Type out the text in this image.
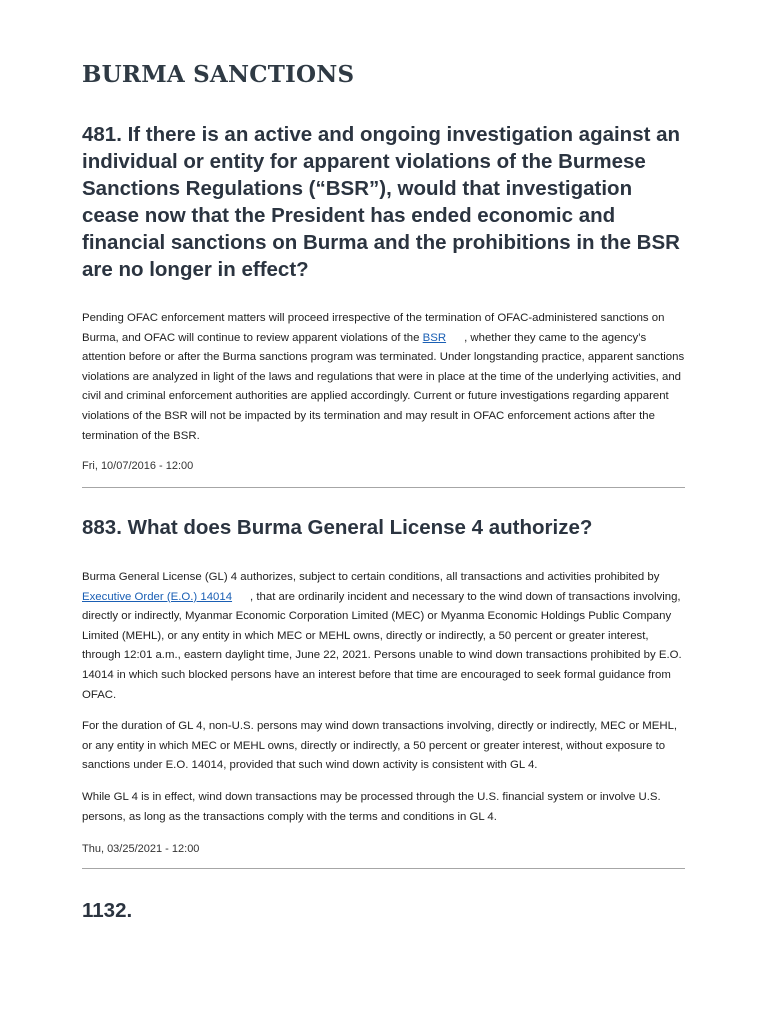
BURMA SANCTIONS
481. If there is an active and ongoing investigation against an individual or entity for apparent violations of the Burmese Sanctions Regulations (“BSR”), would that investigation cease now that the President has ended economic and financial sanctions on Burma and the prohibitions in the BSR are no longer in effect?

Pending OFAC enforcement matters will proceed irrespective of the termination of OFAC-administered sanctions on Burma, and OFAC will continue to review apparent violations of the BSR , whether they came to the agency’s attention before or after the Burma sanctions program was terminated. Under longstanding practice, apparent sanctions violations are analyzed in light of the laws and regulations that were in place at the time of the underlying activities, and civil and criminal enforcement authorities are applied accordingly. Current or future investigations regarding apparent violations of the BSR will not be impacted by its termination and may result in OFAC enforcement actions after the termination of the BSR.

Fri, 10/07/2016 - 12:00
883. What does Burma General License 4 authorize?

Burma General License (GL) 4 authorizes, subject to certain conditions, all transactions and activities prohibited by Executive Order (E.O.) 14014 , that are ordinarily incident and necessary to the wind down of transactions involving, directly or indirectly, Myanmar Economic Corporation Limited (MEC) or Myanma Economic Holdings Public Company Limited (MEHL), or any entity in which MEC or MEHL owns, directly or indirectly, a 50 percent or greater interest, through 12:01 a.m., eastern daylight time, June 22, 2021. Persons unable to wind down transactions prohibited by E.O. 14014 in which such blocked persons have an interest before that time are encouraged to seek formal guidance from OFAC.

For the duration of GL 4, non-U.S. persons may wind down transactions involving, directly or indirectly, MEC or MEHL, or any entity in which MEC or MEHL owns, directly or indirectly, a 50 percent or greater interest, without exposure to sanctions under E.O. 14014, provided that such wind down activity is consistent with GL 4.

While GL 4 is in effect, wind down transactions may be processed through the U.S. financial system or involve U.S. persons, as long as the transactions comply with the terms and conditions in GL 4.

Thu, 03/25/2021 - 12:00
1132.
